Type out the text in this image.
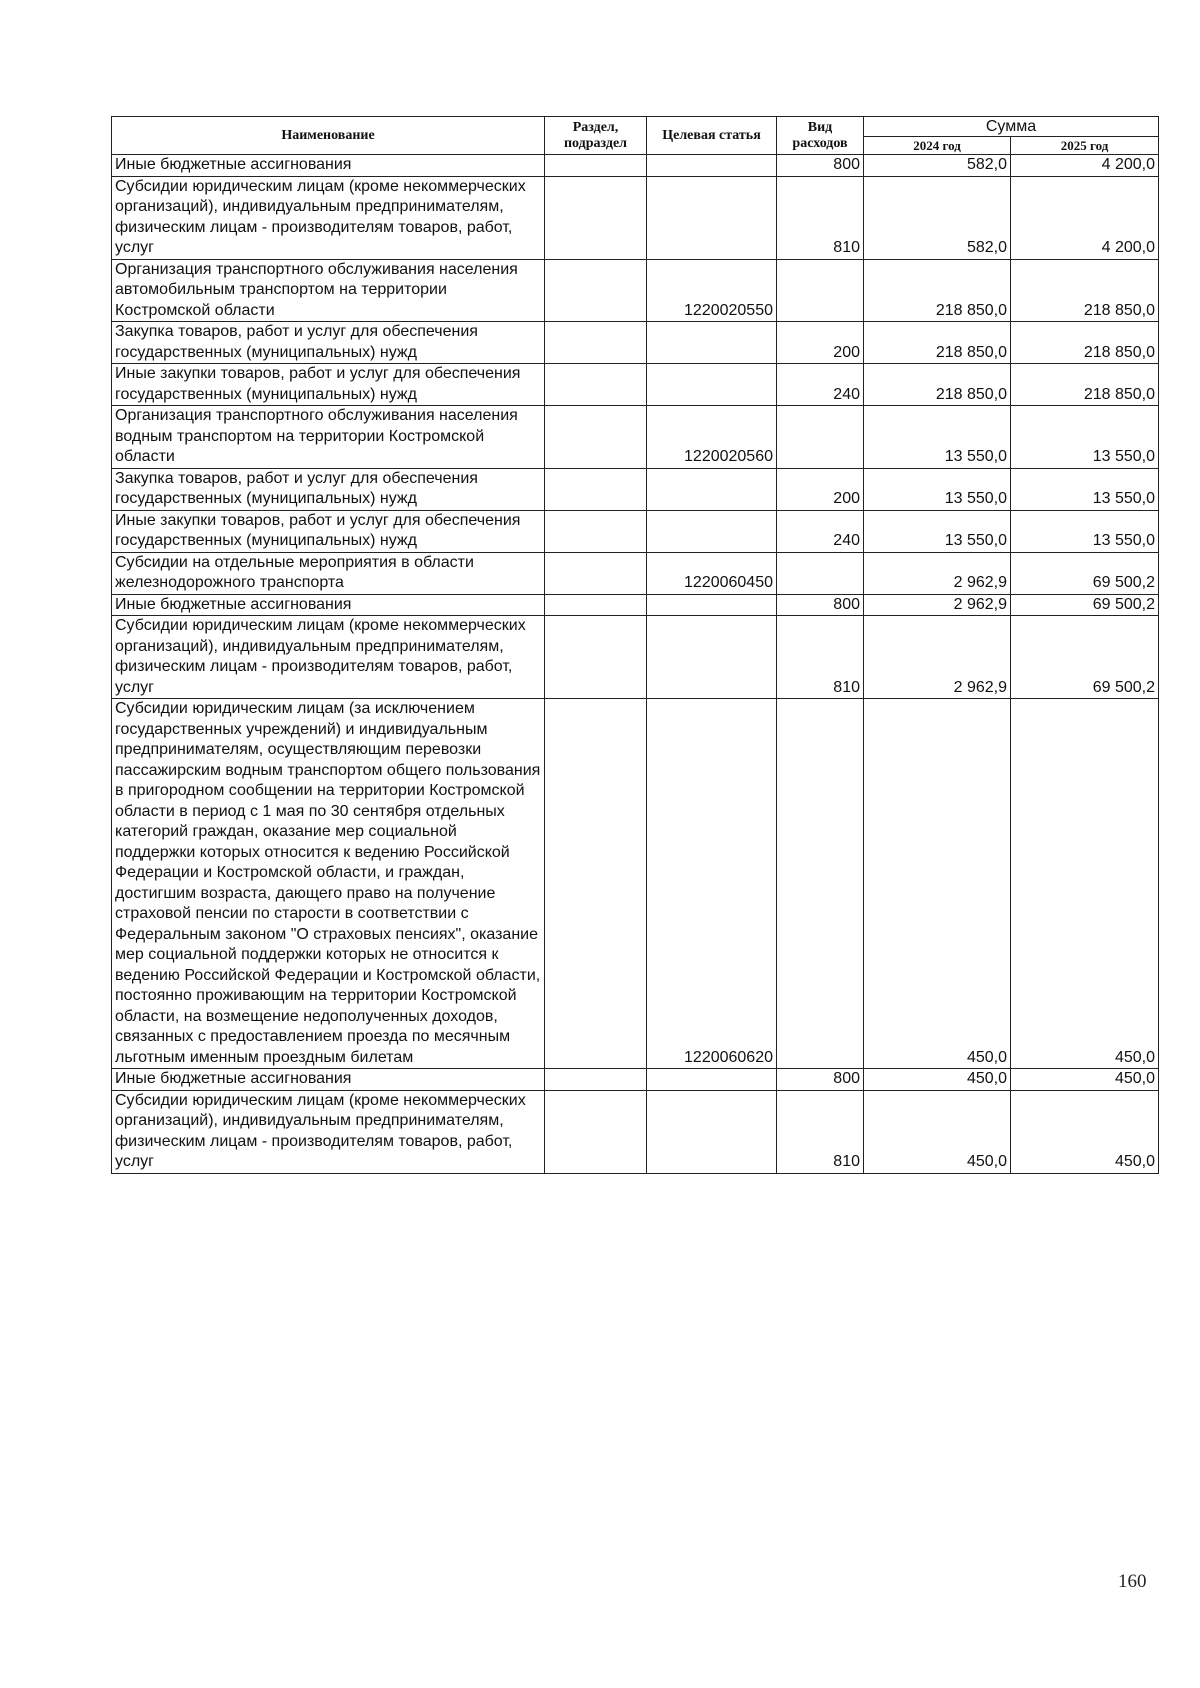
Наименование	Раздел, подраздел	Целевая статья	Вид расходов	Сумма	
				2024 год	2025 год
Иные бюджетные ассигнования			800	582,0	4 200,0
Субсидии юридическим лицам (кроме некоммерческих организаций), индивидуальным предпринимателям, физическим лицам - производителям товаров, работ, услуг			810	582,0	4 200,0
Организация транспортного обслуживания населения автомобильным транспортом на территории Костромской области		1220020550		218 850,0	218 850,0
Закупка товаров, работ и услуг для обеспечения государственных (муниципальных) нужд			200	218 850,0	218 850,0
Иные закупки товаров, работ и услуг для обеспечения государственных (муниципальных) нужд			240	218 850,0	218 850,0
Организация транспортного обслуживания населения водным транспортом на территории Костромской области		1220020560		13 550,0	13 550,0
Закупка товаров, работ и услуг для обеспечения государственных (муниципальных) нужд			200	13 550,0	13 550,0
Иные закупки товаров, работ и услуг для обеспечения государственных (муниципальных) нужд			240	13 550,0	13 550,0
Субсидии на отдельные мероприятия в области железнодорожного транспорта		1220060450		2 962,9	69 500,2
Иные бюджетные ассигнования			800	2 962,9	69 500,2
Субсидии юридическим лицам (кроме некоммерческих организаций), индивидуальным предпринимателям, физическим лицам - производителям товаров, работ, услуг			810	2 962,9	69 500,2
Субсидии юридическим лицам (за исключением государственных учреждений) и индивидуальным предпринимателям, осуществляющим перевозки пассажирским водным транспортом общего пользования в пригородном сообщении на территории Костромской области в период с 1 мая по 30 сентября отдельных категорий граждан, оказание мер социальной поддержки которых относится к ведению Российской Федерации и Костромской области, и граждан, достигшим возраста, дающего право на получение страховой пенсии по старости в соответствии с Федеральным законом "О страховых пенсиях", оказание мер социальной поддержки которых не относится к ведению Российской Федерации и Костромской области, постоянно проживающим на территории Костромской области, на возмещение недополученных доходов, связанных с предоставлением проезда по месячным льготным именным проездным билетам		1220060620		450,0	450,0
Иные бюджетные ассигнования			800	450,0	450,0
Субсидии юридическим лицам (кроме некоммерческих организаций), индивидуальным предпринимателям, физическим лицам - производителям товаров, работ, услуг			810	450,0	450,0
160
